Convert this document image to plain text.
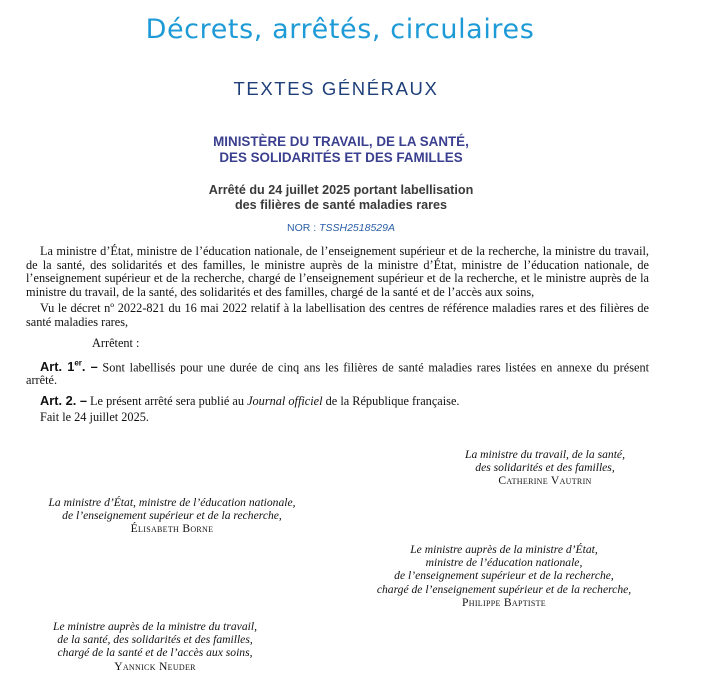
Décrets, arrêtés, circulaires
TEXTES GÉNÉRAUX
MINISTÈRE DU TRAVAIL, DE LA SANTÉ,
DES SOLIDARITÉS ET DES FAMILLES
Arrêté du 24 juillet 2025 portant labellisation
des filières de santé maladies rares
NOR : TSSH2518529A

La ministre d’État, ministre de l’éducation nationale, de l’enseignement supérieur et de la recherche, la ministre du travail, de la santé, des solidarités et des familles, le ministre auprès de la ministre d’État, ministre de l’éducation nationale, de l’enseignement supérieur et de la recherche, chargé de l’enseignement supérieur et de la recherche, et le ministre auprès de la ministre du travail, de la santé, des solidarités et des familles, chargé de la santé et de l’accès aux soins,

Vu le décret nº 2022-821 du 16 mai 2022 relatif à la labellisation des centres de référence maladies rares et des filières de santé maladies rares,

Arrêtent :

Art. 1er. – Sont labellisés pour une durée de cinq ans les filières de santé maladies rares listées en annexe du présent arrêté.

Art. 2. – Le présent arrêté sera publié au Journal officiel de la République française.

Fait le 24 juillet 2025.

La ministre du travail, de la santé,
des solidarités et des familles,
Catherine Vautrin
La ministre d’État, ministre de l’éducation nationale,
de l’enseignement supérieur et de la recherche,
Élisabeth Borne
Le ministre auprès de la ministre d’État,
ministre de l’éducation nationale,
de l’enseignement supérieur et de la recherche,
chargé de l’enseignement supérieur et de la recherche,
Philippe Baptiste
Le ministre auprès de la ministre du travail,
de la santé, des solidarités et des familles,
chargé de la santé et de l’accès aux soins,
Yannick Neuder
